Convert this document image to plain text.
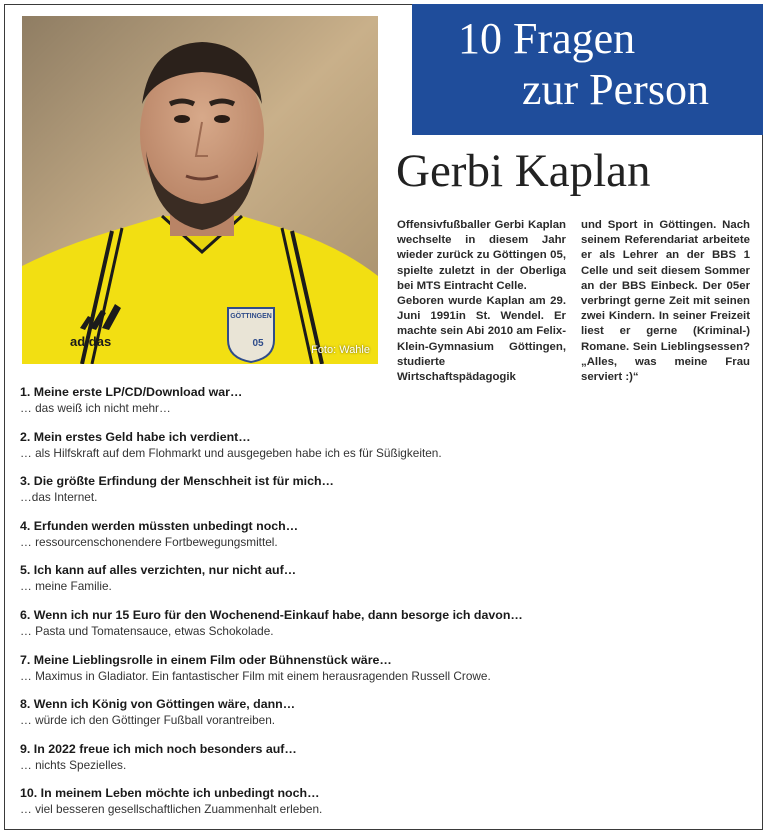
10 Fragen
zur Person
adidas
GÖTTINGEN
05
Foto: Wahle
Gerbi Kaplan

Offensivfußballer Gerbi Kaplan wechselte in diesem Jahr wieder zurück zu Göttingen 05, spielte zuletzt in der Oberliga bei MTS Eintracht Celle.

Geboren wurde Kaplan am 29. Juni 1991in St. Wendel. Er machte sein Abi 2010 am Felix-Klein-Gymnasium Göttingen, studierte Wirtschaftspädagogik

und Sport in Göttingen. Nach seinem Referendariat arbeitete er als Lehrer an der BBS 1 Celle und seit diesem Sommer an der BBS Einbeck. Der 05er verbringt gerne Zeit mit seinen zwei Kindern. In seiner Freizeit liest er gerne (Kriminal-) Romane. Sein Lieblingsessen? „Alles, was meine Frau serviert :)“

1. Meine erste LP/CD/Download war…
… das weiß ich nicht mehr…
2. Mein erstes Geld habe ich verdient…
… als Hilfskraft auf dem Flohmarkt und ausgegeben habe ich es für Süßigkeiten.
3. Die größte Erfindung der Menschheit ist für mich…
…das Internet.
4. Erfunden werden müssten unbedingt noch…
… ressourcenschonendere Fortbewegungsmittel.
5. Ich kann auf alles verzichten, nur nicht auf…
… meine Familie.
6. Wenn ich nur 15 Euro für den Wochenend-Einkauf habe, dann besorge ich davon…
… Pasta und Tomatensauce, etwas Schokolade.
7. Meine Lieblingsrolle in einem Film oder Bühnenstück wäre…
… Maximus in Gladiator. Ein fantastischer Film mit einem herausragenden Russell Crowe.
8. Wenn ich König von Göttingen wäre, dann…
… würde ich den Göttinger Fußball vorantreiben.
9. In 2022 freue ich mich noch besonders auf…
… nichts Spezielles.
10. In meinem Leben möchte ich unbedingt noch…
… viel besseren gesellschaftlichen Zuammenhalt erleben.
